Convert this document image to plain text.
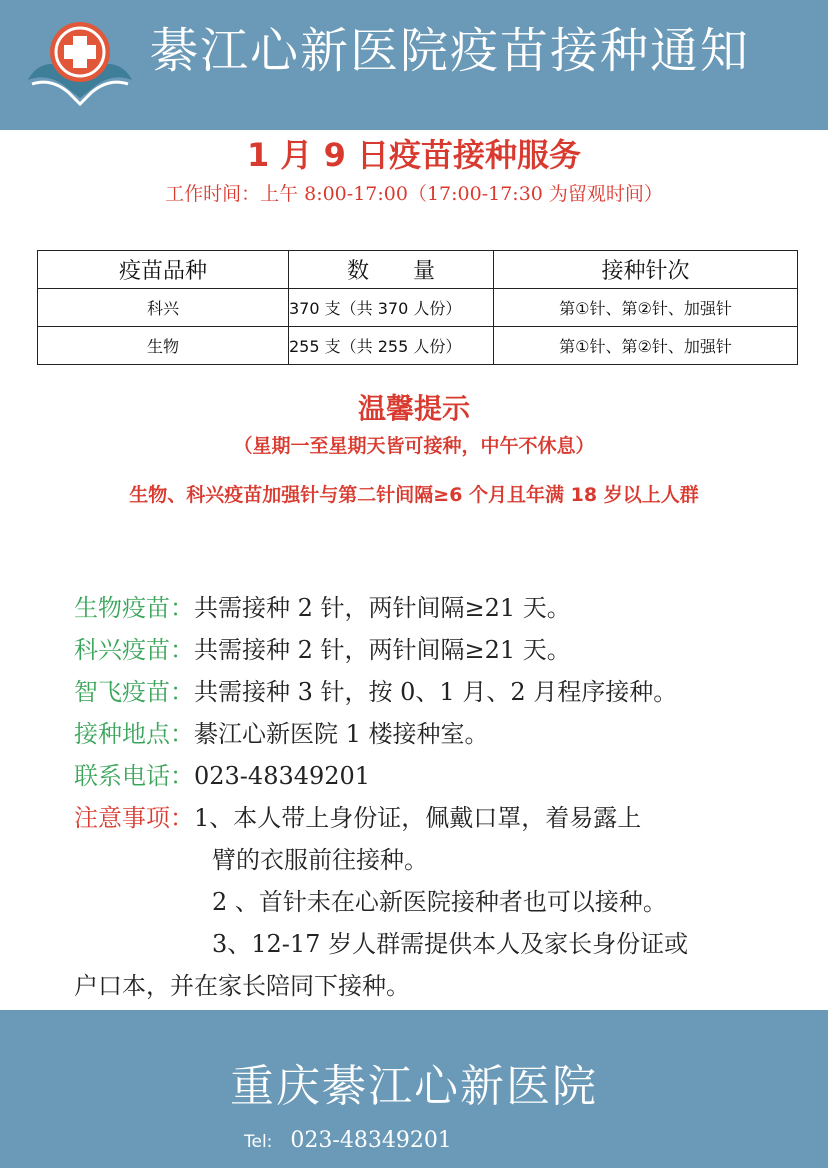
綦江心新医院疫苗接种通知
1 月 9 日疫苗接种服务
工作时间：上午 8:00-17:00（17:00-17:30 为留观时间）
疫苗品种	数　　量	接种针次
科兴	370 支（共 370 人份）	第①针、第②针、加强针
生物	255 支（共 255 人份）	第①针、第②针、加强针
温馨提示
（星期一至星期天皆可接种，中午不休息）
生物、科兴疫苗加强针与第二针间隔≥6 个月且年满 18 岁以上人群
生物疫苗：共需接种 2 针，两针间隔≥21 天。
科兴疫苗：共需接种 2 针，两针间隔≥21 天。
智飞疫苗：共需接种 3 针，按 0、1 月、2 月程序接种。
接种地点：綦江心新医院 1 楼接种室。
联系电话：023-48349201
注意事项：1、本人带上身份证，佩戴口罩，着易露上
臂的衣服前往接种。
2 、首针未在心新医院接种者也可以接种。
3、12-17 岁人群需提供本人及家长身份证或
户口本，并在家长陪同下接种。
重庆綦江心新医院
Tel: 023-48349201
